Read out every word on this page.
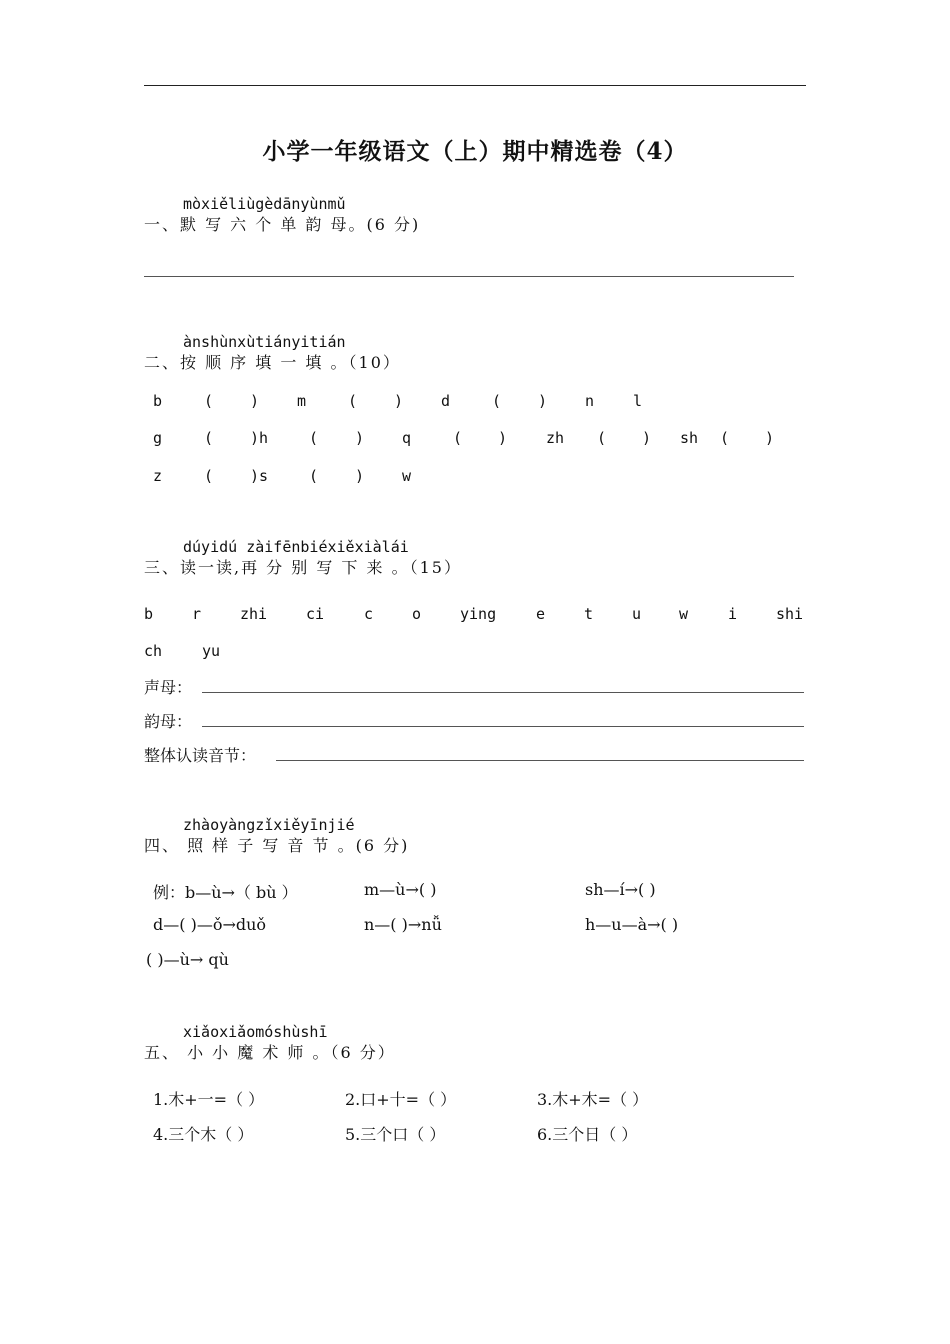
小学一年级语文（上）期中精选卷（4）
mòxiěliùgèdānyùnmǔ
一、默 写 六 个 单 韵 母。(6 分)
ànshùnxùtiányitián
二、按 顺 序 填 一 填 。（10）
b	( )	m	( )	d	( )	n	l
g	( )h	( )	q	( )	zh ( ) sh ( )
z	( )s	( )	w
dúyidú zàifēnbiéxiěxiàlái
三、读一读,再 分 别 写 下 来 。（15）
b	r	zhi	ci	c	o	ying	e	t	u	w	i	shi
ch	yu
声母：
韵母：
整体认读音节：
zhàoyàngzǐxiěyīnjié
四、 照 样 子 写 音 节 。(6 分)
例：b—ù→（ bù ）	m—ù→( )	sh—í→( )
d—( )—ǒ→duǒ	n—( )→nǚ	h—u—à→( )
( )—ù→ qù
xiǎoxiǎomóshùshī
五、 小 小 魔 术 师 。（6 分）
1.木+一=（ ）	2.口+十=（ ）	3.木+木=（ ）
4.三个木（ ）	5.三个口（ ）	6.三个日（ ）
